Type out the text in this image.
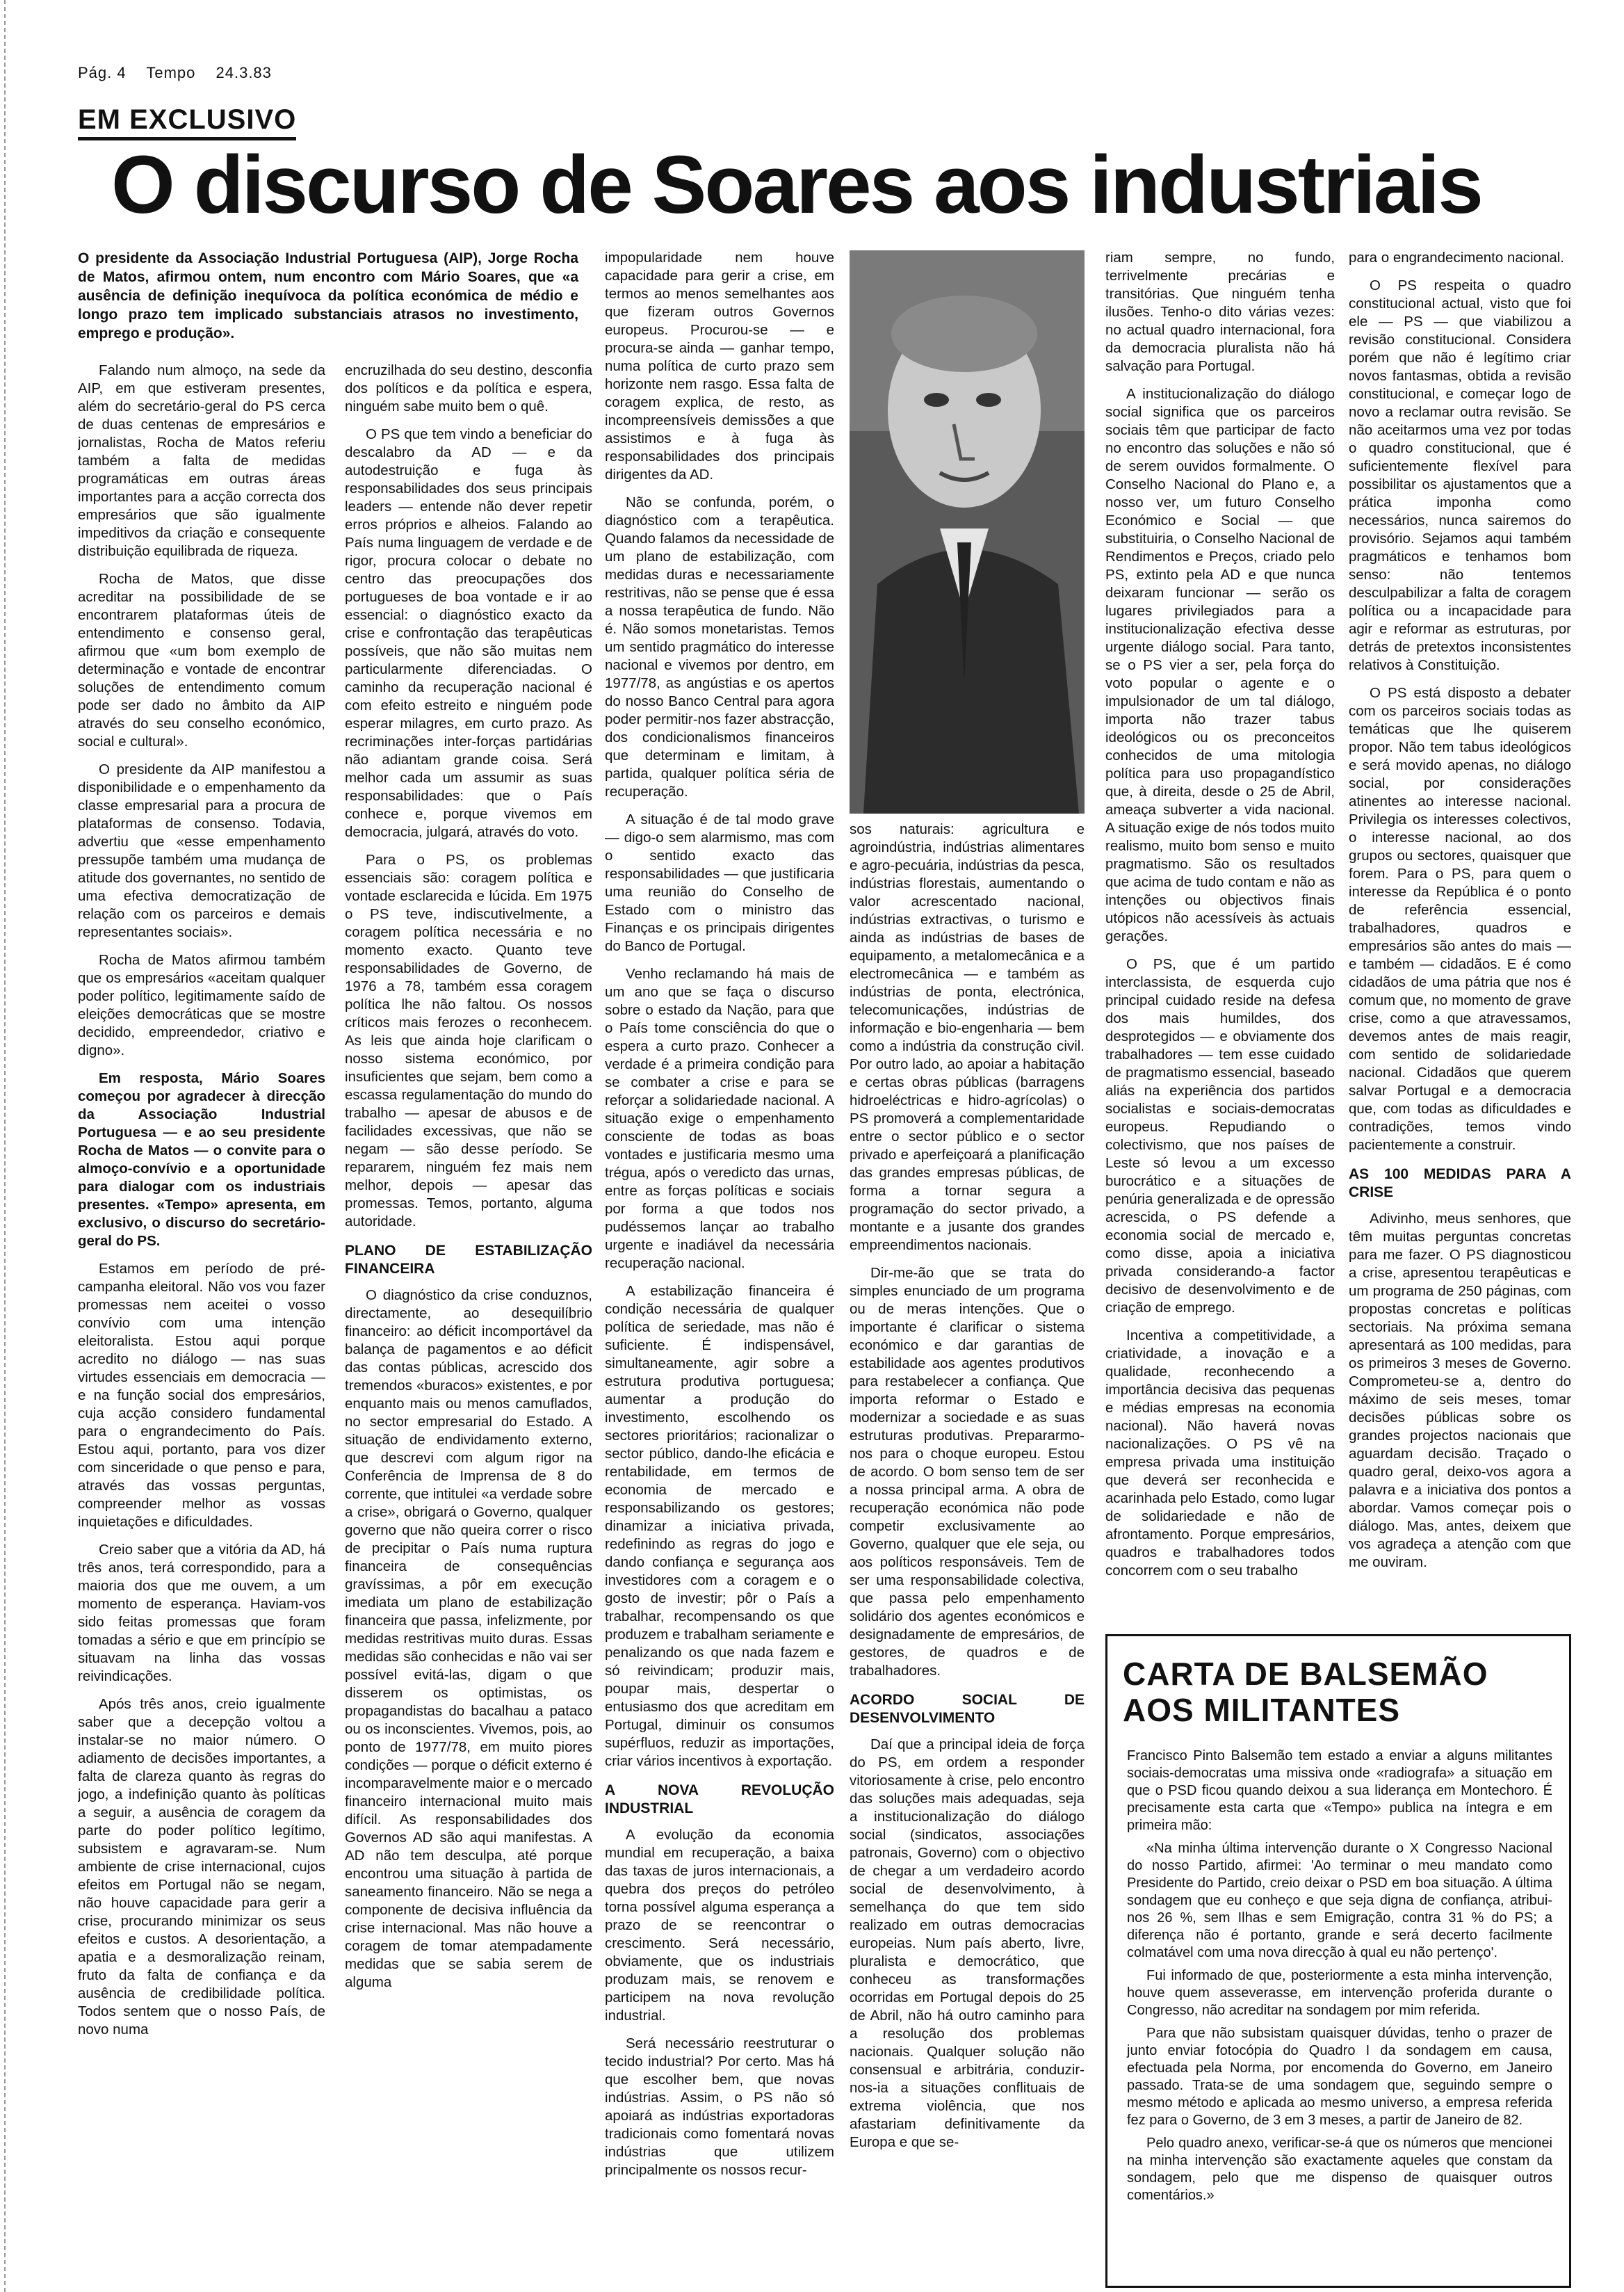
Pág. 4 Tempo 24.3.83
EM EXCLUSIVO
O discurso de Soares aos industriais

O presidente da Associação Industrial Portuguesa (AIP), Jorge Rocha de Matos, afirmou ontem, num encontro com Mário Soares, que «a ausência de definição inequívoca da política económica de médio e longo prazo tem implicado substanciais atrasos no investimento, emprego e produção».

Falando num almoço, na sede da AIP, em que estiveram presentes, além do secretário-geral do PS cerca de duas centenas de empresários e jornalistas, Rocha de Matos referiu também a falta de medidas programáticas em outras áreas importantes para a acção correcta dos empresários que são igualmente impeditivos da criação e consequente distribuição equilibrada de riqueza.

Rocha de Matos, que disse acreditar na possibilidade de se encontrarem plataformas úteis de entendimento e consenso geral, afirmou que «um bom exemplo de determinação e vontade de encontrar soluções de entendimento comum pode ser dado no âmbito da AIP através do seu conselho económico, social e cultural».

O presidente da AIP manifestou a disponibilidade e o empenhamento da classe empresarial para a procura de plataformas de consenso. Todavia, advertiu que «esse empenhamento pressupõe também uma mudança de atitude dos governantes, no sentido de uma efectiva democratização de relação com os parceiros e demais representantes sociais».

Rocha de Matos afirmou também que os empresários «aceitam qualquer poder político, legitimamente saído de eleições democráticas que se mostre decidido, empreendedor, criativo e digno».

Em resposta, Mário Soares começou por agradecer à direcção da Associação Industrial Portuguesa — e ao seu presidente Rocha de Matos — o convite para o almoço-convívio e a oportunidade para dialogar com os industriais presentes. «Tempo» apresenta, em exclusivo, o discurso do secretário-geral do PS.

Estamos em período de pré-campanha eleitoral. Não vos vou fazer promessas nem aceitei o vosso convívio com uma intenção eleitoralista. Estou aqui porque acredito no diálogo — nas suas virtudes essenciais em democracia — e na função social dos empresários, cuja acção considero fundamental para o engrandecimento do País. Estou aqui, portanto, para vos dizer com sinceridade o que penso e para, através das vossas perguntas, compreender melhor as vossas inquietações e dificuldades.

Creio saber que a vitória da AD, há três anos, terá correspondido, para a maioria dos que me ouvem, a um momento de esperança. Haviam-vos sido feitas promessas que foram tomadas a sério e que em princípio se situavam na linha das vossas reivindicações.

Após três anos, creio igualmente saber que a decepção voltou a instalar-se no maior número. O adiamento de decisões importantes, a falta de clareza quanto às regras do jogo, a indefinição quanto às políticas a seguir, a ausência de coragem da parte do poder político legítimo, subsistem e agravaram-se. Num ambiente de crise internacional, cujos efeitos em Portugal não se negam, não houve capacidade para gerir a crise, procurando minimizar os seus efeitos e custos. A desorientação, a apatia e a desmoralização reinam, fruto da falta de confiança e da ausência de credibilidade política. Todos sentem que o nosso País, de novo numa

encruzilhada do seu destino, desconfia dos políticos e da política e espera, ninguém sabe muito bem o quê.

O PS que tem vindo a beneficiar do descalabro da AD — e da autodestruição e fuga às responsabilidades dos seus principais leaders — entende não dever repetir erros próprios e alheios. Falando ao País numa linguagem de verdade e de rigor, procura colocar o debate no centro das preocupações dos portugueses de boa vontade e ir ao essencial: o diagnóstico exacto da crise e confrontação das terapêuticas possíveis, que não são muitas nem particularmente diferenciadas. O caminho da recuperação nacional é com efeito estreito e ninguém pode esperar milagres, em curto prazo. As recriminações inter-forças partidárias não adiantam grande coisa. Será melhor cada um assumir as suas responsabilidades: que o País conhece e, porque vivemos em democracia, julgará, através do voto.

Para o PS, os problemas essenciais são: coragem política e vontade esclarecida e lúcida. Em 1975 o PS teve, indiscutivelmente, a coragem política necessária e no momento exacto. Quanto teve responsabilidades de Governo, de 1976 a 78, também essa coragem política lhe não faltou. Os nossos críticos mais ferozes o reconhecem. As leis que ainda hoje clarificam o nosso sistema económico, por insuficientes que sejam, bem como a escassa regulamentação do mundo do trabalho — apesar de abusos e de facilidades excessivas, que não se negam — são desse período. Se repararem, ninguém fez mais nem melhor, depois — apesar das promessas. Temos, portanto, alguma autoridade.

PLANO DE ESTABILIZAÇÃO FINANCEIRA

O diagnóstico da crise conduznos, directamente, ao desequilíbrio financeiro: ao déficit incomportável da balança de pagamentos e ao déficit das contas públicas, acrescido dos tremendos «buracos» existentes, e por enquanto mais ou menos camuflados, no sector empresarial do Estado. A situação de endividamento externo, que descrevi com algum rigor na Conferência de Imprensa de 8 do corrente, que intitulei «a verdade sobre a crise», obrigará o Governo, qualquer governo que não queira correr o risco de precipitar o País numa ruptura financeira de consequências gravíssimas, a pôr em execução imediata um plano de estabilização financeira que passa, infelizmente, por medidas restritivas muito duras. Essas medidas são conhecidas e não vai ser possível evitá-las, digam o que disserem os optimistas, os propagandistas do bacalhau a pataco ou os inconscientes. Vivemos, pois, ao ponto de 1977/78, em muito piores condições — porque o déficit externo é incomparavelmente maior e o mercado financeiro internacional muito mais difícil. As responsabilidades dos Governos AD são aqui manifestas. A AD não tem desculpa, até porque encontrou uma situação à partida de saneamento financeiro. Não se nega a componente de decisiva influência da crise internacional. Mas não houve a coragem de tomar atempadamente medidas que se sabia serem de alguma

impopularidade nem houve capacidade para gerir a crise, em termos ao menos semelhantes aos que fizeram outros Governos europeus. Procurou-se — e procura-se ainda — ganhar tempo, numa política de curto prazo sem horizonte nem rasgo. Essa falta de coragem explica, de resto, as incompreensíveis demissões a que assistimos e à fuga às responsabilidades dos principais dirigentes da AD.

Não se confunda, porém, o diagnóstico com a terapêutica. Quando falamos da necessidade de um plano de estabilização, com medidas duras e necessariamente restritivas, não se pense que é essa a nossa terapêutica de fundo. Não é. Não somos monetaristas. Temos um sentido pragmático do interesse nacional e vivemos por dentro, em 1977/78, as angústias e os apertos do nosso Banco Central para agora poder permitir-nos fazer abstracção, dos condicionalismos financeiros que determinam e limitam, à partida, qualquer política séria de recuperação.

A situação é de tal modo grave — digo-o sem alarmismo, mas com o sentido exacto das responsabilidades — que justificaria uma reunião do Conselho de Estado com o ministro das Finanças e os principais dirigentes do Banco de Portugal.

Venho reclamando há mais de um ano que se faça o discurso sobre o estado da Nação, para que o País tome consciência do que o espera a curto prazo. Conhecer a verdade é a primeira condição para se combater a crise e para se reforçar a solidariedade nacional. A situação exige o empenhamento consciente de todas as boas vontades e justificaria mesmo uma trégua, após o veredicto das urnas, entre as forças políticas e sociais por forma a que todos nos pudéssemos lançar ao trabalho urgente e inadiável da necessária recuperação nacional.

A estabilização financeira é condição necessária de qualquer política de seriedade, mas não é suficiente. É indispensável, simultaneamente, agir sobre a estrutura produtiva portuguesa; aumentar a produção do investimento, escolhendo os sectores prioritários; racionalizar o sector público, dando-lhe eficácia e rentabilidade, em termos de economia de mercado e responsabilizando os gestores; dinamizar a iniciativa privada, redefinindo as regras do jogo e dando confiança e segurança aos investidores com a coragem e o gosto de investir; pôr o País a trabalhar, recompensando os que produzem e trabalham seriamente e penalizando os que nada fazem e só reivindicam; produzir mais, poupar mais, despertar o entusiasmo dos que acreditam em Portugal, diminuir os consumos supérfluos, reduzir as importações, criar vários incentivos à exportação.

A NOVA REVOLUÇÃO INDUSTRIAL

A evolução da economia mundial em recuperação, a baixa das taxas de juros internacionais, a quebra dos preços do petróleo torna possível alguma esperança a prazo de se reencontrar o crescimento. Será necessário, obviamente, que os industriais produzam mais, se renovem e participem na nova revolução industrial.

Será necessário reestruturar o tecido industrial? Por certo. Mas há que escolher bem, que novas indústrias. Assim, o PS não só apoiará as indústrias exportadoras tradicionais como fomentará novas indústrias que utilizem principalmente os nossos recur-

sos naturais: agricultura e agroindústria, indústrias alimentares e agro-pecuária, indústrias da pesca, indústrias florestais, aumentando o valor acrescentado nacional, indústrias extractivas, o turismo e ainda as indústrias de bases de equipamento, a metalomecânica e a electromecânica — e também as indústrias de ponta, electrónica, telecomunicações, indústrias de informação e bio-engenharia — bem como a indústria da construção civil. Por outro lado, ao apoiar a habitação e certas obras públicas (barragens hidroeléctricas e hidro-agrícolas) o PS promoverá a complementaridade entre o sector público e o sector privado e aperfeiçoará a planificação das grandes empresas públicas, de forma a tornar segura a programação do sector privado, a montante e a jusante dos grandes empreendimentos nacionais.

Dir-me-ão que se trata do simples enunciado de um programa ou de meras intenções. Que o importante é clarificar o sistema económico e dar garantias de estabilidade aos agentes produtivos para restabelecer a confiança. Que importa reformar o Estado e modernizar a sociedade e as suas estruturas produtivas. Prepararmo-nos para o choque europeu. Estou de acordo. O bom senso tem de ser a nossa principal arma. A obra de recuperação económica não pode competir exclusivamente ao Governo, qualquer que ele seja, ou aos políticos responsáveis. Tem de ser uma responsabilidade colectiva, que passa pelo empenhamento solidário dos agentes económicos e designadamente de empresários, de gestores, de quadros e de trabalhadores.

ACORDO SOCIAL DE DESENVOLVIMENTO

Daí que a principal ideia de força do PS, em ordem a responder vitoriosamente à crise, pelo encontro das soluções mais adequadas, seja a institucionalização do diálogo social (sindicatos, associações patronais, Governo) com o objectivo de chegar a um verdadeiro acordo social de desenvolvimento, à semelhança do que tem sido realizado em outras democracias europeias. Num país aberto, livre, pluralista e democrático, que conheceu as transformações ocorridas em Portugal depois do 25 de Abril, não há outro caminho para a resolução dos problemas nacionais. Qualquer solução não consensual e arbitrária, conduzir-nos-ia a situações conflituais de extrema violência, que nos afastariam definitivamente da Europa e que se-

riam sempre, no fundo, terrivelmente precárias e transitórias. Que ninguém tenha ilusões. Tenho-o dito várias vezes: no actual quadro internacional, fora da democracia pluralista não há salvação para Portugal.

A institucionalização do diálogo social significa que os parceiros sociais têm que participar de facto no encontro das soluções e não só de serem ouvidos formalmente. O Conselho Nacional do Plano e, a nosso ver, um futuro Conselho Económico e Social — que substituiria, o Conselho Nacional de Rendimentos e Preços, criado pelo PS, extinto pela AD e que nunca deixaram funcionar — serão os lugares privilegiados para a institucionalização efectiva desse urgente diálogo social. Para tanto, se o PS vier a ser, pela força do voto popular o agente e o impulsionador de um tal diálogo, importa não trazer tabus ideológicos ou os preconceitos conhecidos de uma mitologia política para uso propagandístico que, à direita, desde o 25 de Abril, ameaça subverter a vida nacional. A situação exige de nós todos muito realismo, muito bom senso e muito pragmatismo. São os resultados que acima de tudo contam e não as intenções ou objectivos finais utópicos não acessíveis às actuais gerações.

O PS, que é um partido interclassista, de esquerda cujo principal cuidado reside na defesa dos mais humildes, dos desprotegidos — e obviamente dos trabalhadores — tem esse cuidado de pragmatismo essencial, baseado aliás na experiência dos partidos socialistas e sociais-democratas europeus. Repudiando o colectivismo, que nos países de Leste só levou a um excesso burocrático e a situações de penúria generalizada e de opressão acrescida, o PS defende a economia social de mercado e, como disse, apoia a iniciativa privada considerando-a factor decisivo de desenvolvimento e de criação de emprego.

Incentiva a competitividade, a criatividade, a inovação e a qualidade, reconhecendo a importância decisiva das pequenas e médias empresas na economia nacional). Não haverá novas nacionalizações. O PS vê na empresa privada uma instituição que deverá ser reconhecida e acarinhada pelo Estado, como lugar de solidariedade e não de afrontamento. Porque empresários, quadros e trabalhadores todos concorrem com o seu trabalho

para o engrandecimento nacional.

O PS respeita o quadro constitucional actual, visto que foi ele — PS — que viabilizou a revisão constitucional. Considera porém que não é legítimo criar novos fantasmas, obtida a revisão constitucional, e começar logo de novo a reclamar outra revisão. Se não aceitarmos uma vez por todas o quadro constitucional, que é suficientemente flexível para possibilitar os ajustamentos que a prática imponha como necessários, nunca sairemos do provisório. Sejamos aqui também pragmáticos e tenhamos bom senso: não tentemos desculpabilizar a falta de coragem política ou a incapacidade para agir e reformar as estruturas, por detrás de pretextos inconsistentes relativos à Constituição.

O PS está disposto a debater com os parceiros sociais todas as temáticas que lhe quiserem propor. Não tem tabus ideológicos e será movido apenas, no diálogo social, por considerações atinentes ao interesse nacional. Privilegia os interesses colectivos, o interesse nacional, ao dos grupos ou sectores, quaisquer que forem. Para o PS, para quem o interesse da República é o ponto de referência essencial, trabalhadores, quadros e empresários são antes do mais — e também — cidadãos. E é como cidadãos de uma pátria que nos é comum que, no momento de grave crise, como a que atravessamos, devemos antes de mais reagir, com sentido de solidariedade nacional. Cidadãos que querem salvar Portugal e a democracia que, com todas as dificuldades e contradições, temos vindo pacientemente a construir.

AS 100 MEDIDAS PARA A CRISE

Adivinho, meus senhores, que têm muitas perguntas concretas para me fazer. O PS diagnosticou a crise, apresentou terapêuticas e um programa de 250 páginas, com propostas concretas e políticas sectoriais. Na próxima semana apresentará as 100 medidas, para os primeiros 3 meses de Governo. Comprometeu-se a, dentro do máximo de seis meses, tomar decisões públicas sobre os grandes projectos nacionais que aguardam decisão. Traçado o quadro geral, deixo-vos agora a palavra e a iniciativa dos pontos a abordar. Vamos começar pois o diálogo. Mas, antes, deixem que vos agradeça a atenção com que me ouviram.

CARTA DE BALSEMÃO
AOS MILITANTES

Francisco Pinto Balsemão tem estado a enviar a alguns militantes sociais-democratas uma missiva onde «radiografa» a situação em que o PSD ficou quando deixou a sua liderança em Montechoro. É precisamente esta carta que «Tempo» publica na íntegra e em primeira mão:

«Na minha última intervenção durante o X Congresso Nacional do nosso Partido, afirmei: 'Ao terminar o meu mandato como Presidente do Partido, creio deixar o PSD em boa situação. A última sondagem que eu conheço e que seja digna de confiança, atribui-nos 26 %, sem Ilhas e sem Emigração, contra 31 % do PS; a diferença não é portanto, grande e será decerto facilmente colmatável com uma nova direcção à qual eu não pertenço'.

Fui informado de que, posteriormente a esta minha intervenção, houve quem asseverasse, em intervenção proferida durante o Congresso, não acreditar na sondagem por mim referida.

Para que não subsistam quaisquer dúvidas, tenho o prazer de junto enviar fotocópia do Quadro I da sondagem em causa, efectuada pela Norma, por encomenda do Governo, em Janeiro passado. Trata-se de uma sondagem que, seguindo sempre o mesmo método e aplicada ao mesmo universo, a empresa referida fez para o Governo, de 3 em 3 meses, a partir de Janeiro de 82.

Pelo quadro anexo, verificar-se-á que os números que mencionei na minha intervenção são exactamente aqueles que constam da sondagem, pelo que me dispenso de quaisquer outros comentários.»
